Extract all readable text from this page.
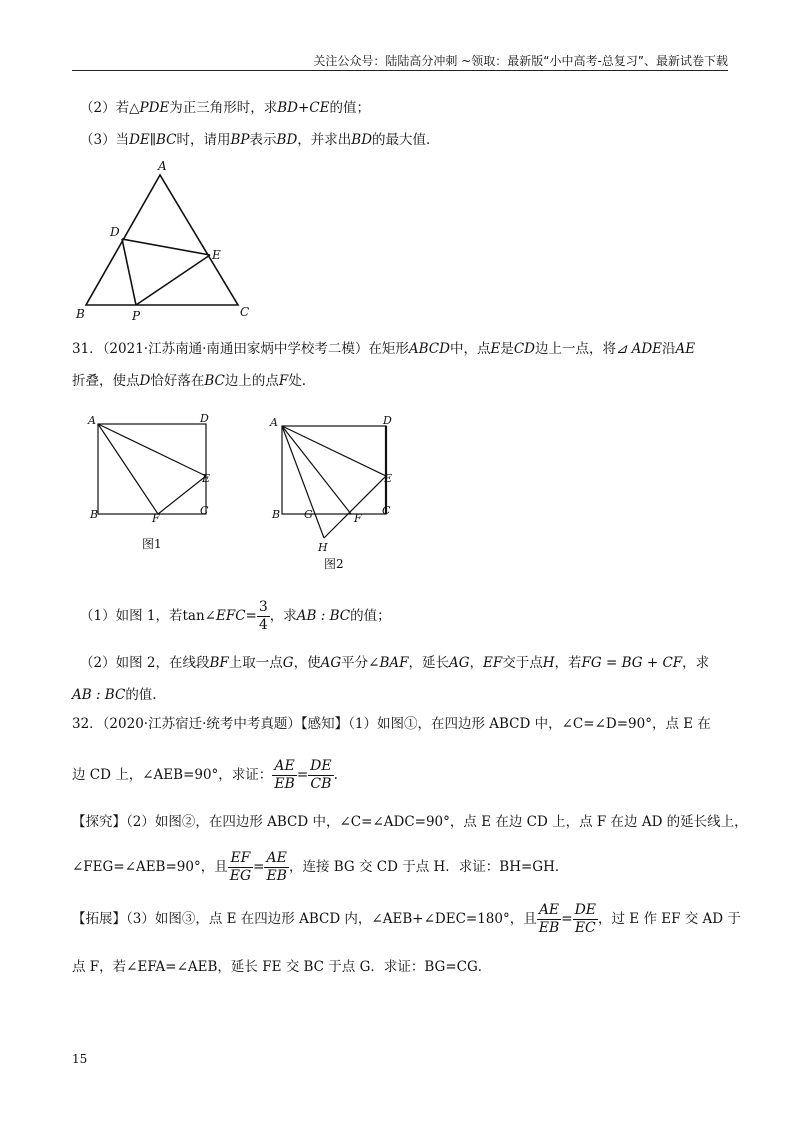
关注公众号：陆陆高分冲刺 ~领取：最新版“小中高考-总复习”、最新试卷下载
（2）若△PDE为正三角形时，求BD+CE的值；
（3）当DE∥BC时，请用BP表示BD，并求出BD的最大值．
A
D
E
B	P	C
31．（2021·江苏南通·南通田家炳中学校考二模）在矩形ABCD中，点E是CD边上一点，将⊿ ADE沿AE
折叠，使点D恰好落在BC边上的点F处.
A	D
E
B	F
C
图1
A	D
E
B G	F
C
H
图2
（1）如图 1，若tan∠EFC= $\frac{3}{4}$ ，求AB : BC的值；
（2）如图 2，在线段BF上取一点G，使AG平分∠BAF，延长AG，EF交于点H，若FG = BG + CF，求
AB : BC的值.
32．（2020·江苏宿迁·统考中考真题）【感知】（1）如图①，在四边形 ABCD 中，∠C=∠D=90°，点 E 在
边 CD 上，∠AEB=90°，求证： $\frac{AE}{EB} = \frac{DE}{CB}$ .
【探究】（2）如图②，在四边形 ABCD 中，∠C=∠ADC=90°，点 E 在边 CD 上，点 F 在边 AD 的延长线上，
∠FEG=∠AEB=90°，且 $\frac{EF}{EG} = \frac{AE}{EB}$ ，连接 BG 交 CD 于点 H．求证：BH=GH．
【拓展】（3）如图③，点 E 在四边形 ABCD 内，∠AEB+∠DEC=180°，且 $\frac{AE}{EB} = \frac{DE}{EC}$ ，过 E 作 EF 交 AD 于
点 F，若∠EFA=∠AEB，延长 FE 交 BC 于点 G．求证：BG=CG．
15
